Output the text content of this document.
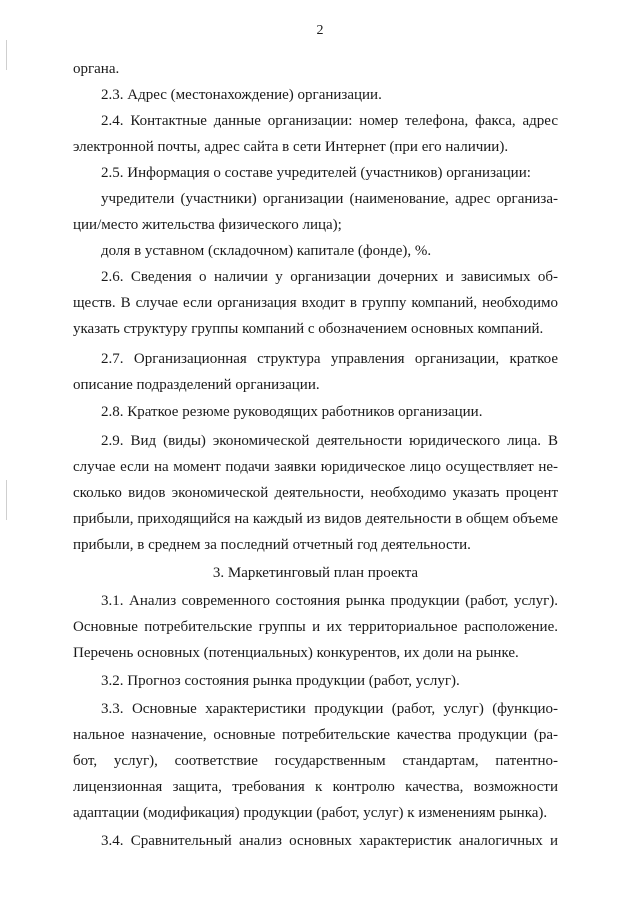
2
органа.
2.3. Адрес (местонахождение) организации.
2.4. Контактные данные организации: номер телефона, факса, адрес
электронной почты, адрес сайта в сети Интернет (при его наличии).
2.5. Информация о составе учредителей (участников) организации:
учредители (участники) организации (наименование, адрес организа-
ции/место жительства физического лица);
доля в уставном (складочном) капитале (фонде), %.
2.6. Сведения о наличии у организации дочерних и зависимых об-
ществ. В случае если организация входит в группу компаний, необходимо
указать структуру группы компаний с обозначением основных компаний.
2.7. Организационная структура управления организации, краткое
описание подразделений организации.
2.8. Краткое резюме руководящих работников организации.
2.9. Вид (виды) экономической деятельности юридического лица. В
случае если на момент подачи заявки юридическое лицо осуществляет не-
сколько видов экономической деятельности, необходимо указать процент
прибыли, приходящийся на каждый из видов деятельности в общем объеме
прибыли, в среднем за последний отчетный год деятельности.
3. Маркетинговый план проекта
3.1. Анализ современного состояния рынка продукции (работ, услуг).
Основные потребительские группы и их территориальное расположение.
Перечень основных (потенциальных) конкурентов, их доли на рынке.
3.2. Прогноз состояния рынка продукции (работ, услуг).
3.3. Основные характеристики продукции (работ, услуг) (функцио-
нальное назначение, основные потребительские качества продукции (ра-
бот, услуг), соответствие государственным стандартам, патентно-
лицензионная защита, требования к контролю качества, возможности
адаптации (модификация) продукции (работ, услуг) к изменениям рынка).
3.4. Сравнительный анализ основных характеристик аналогичных и
